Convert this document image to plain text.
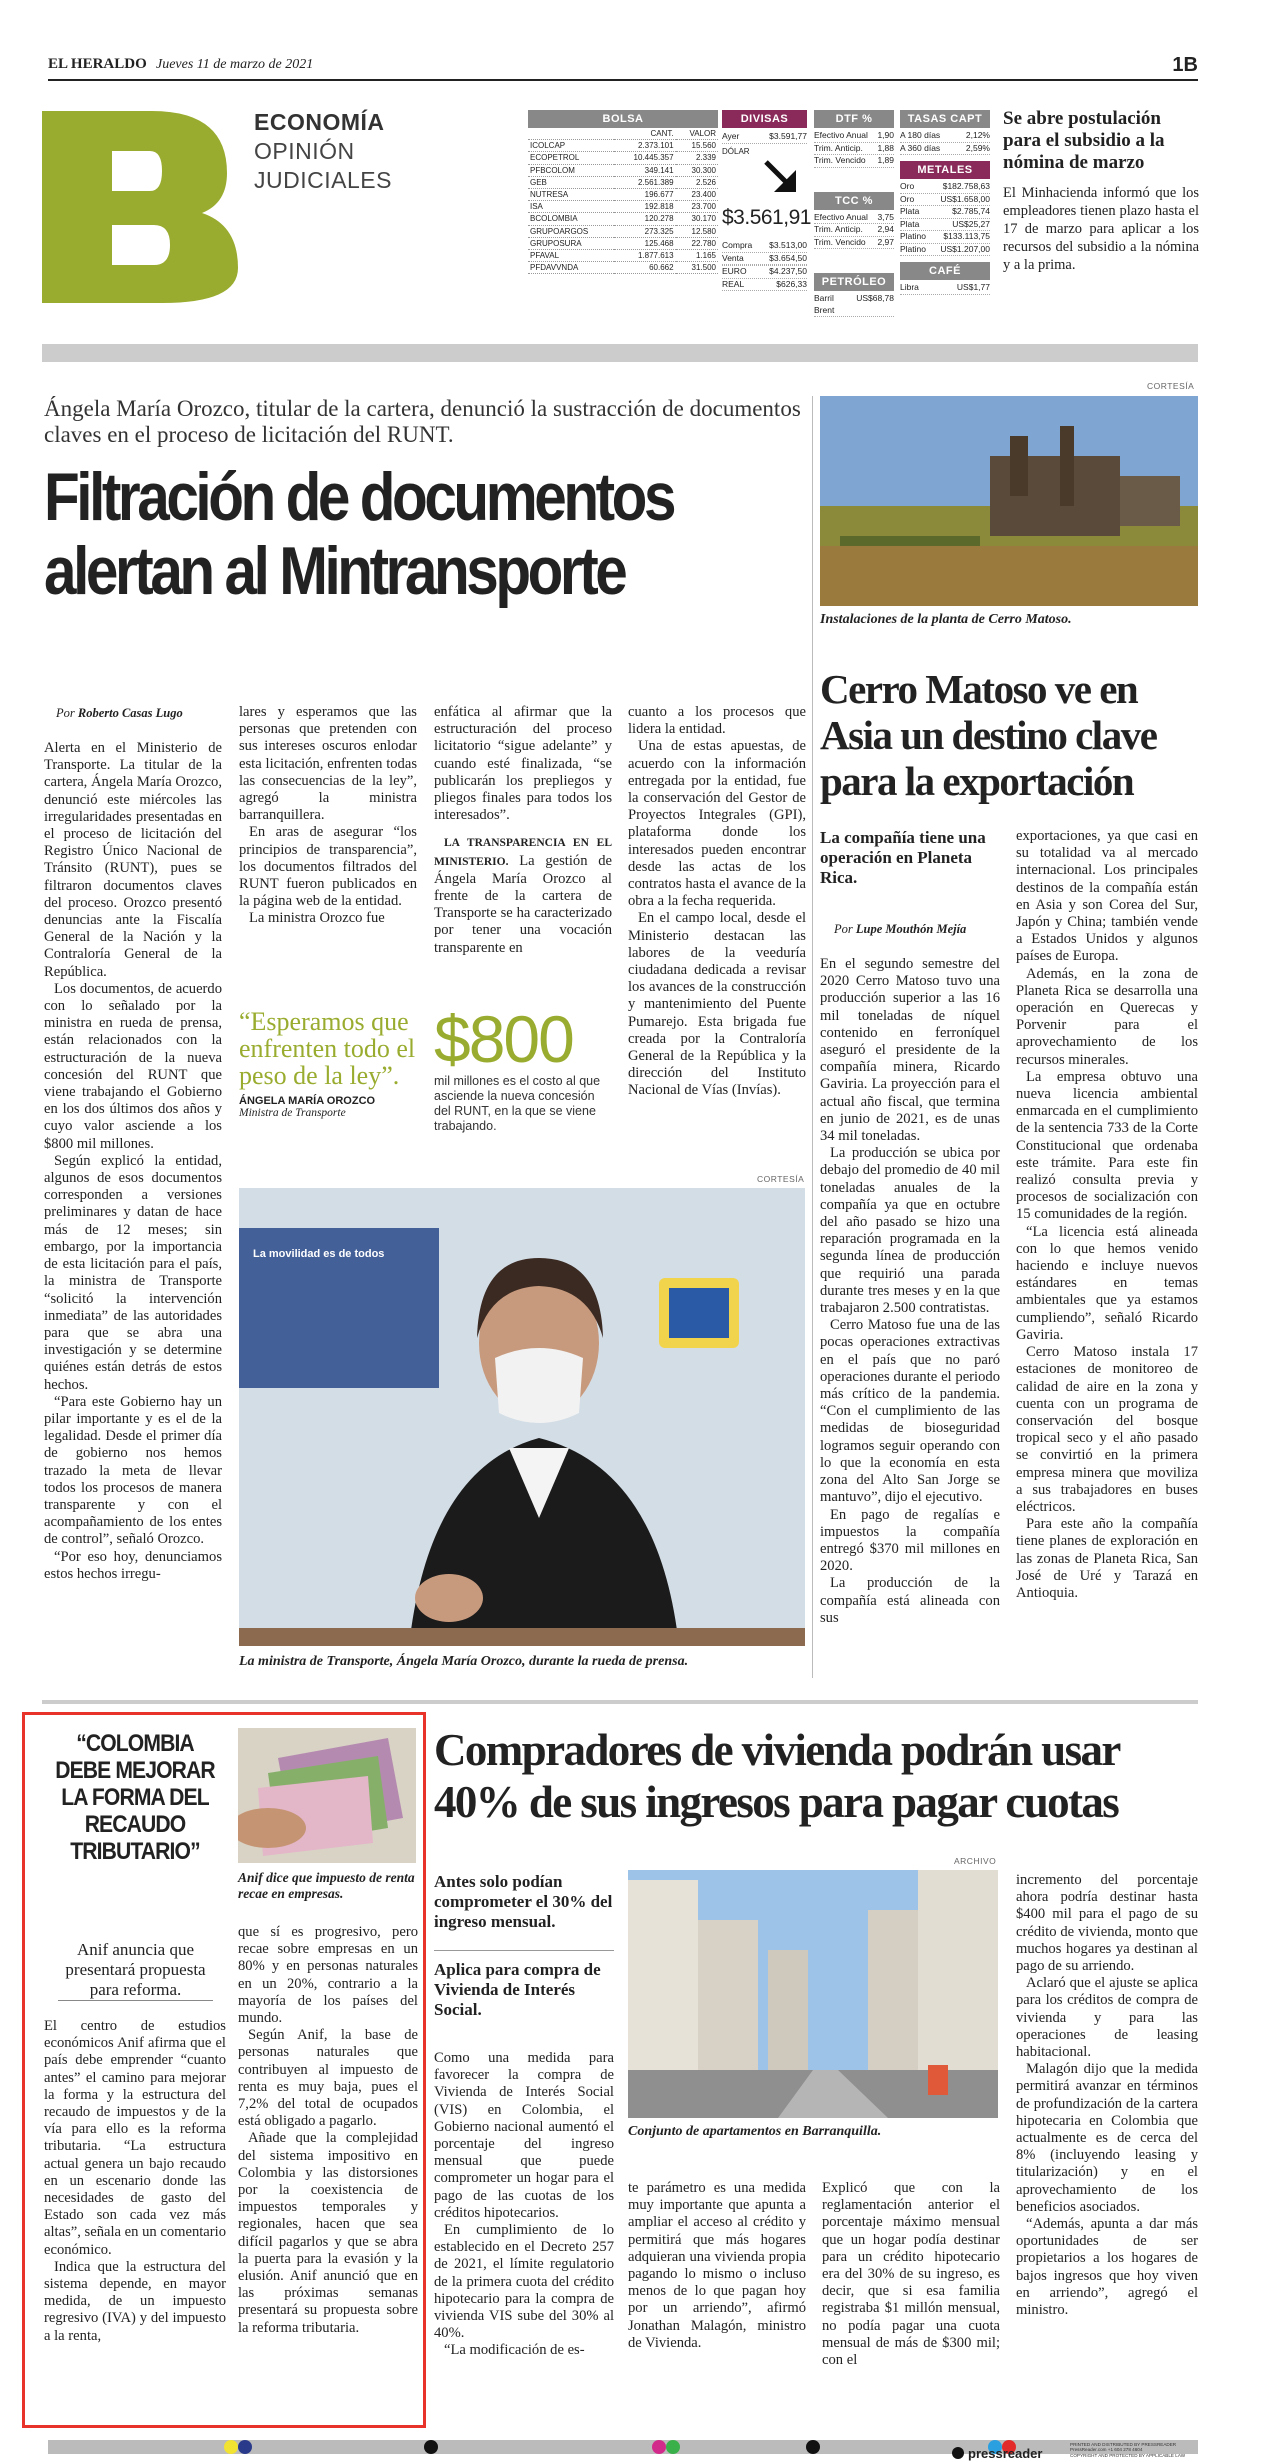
EL HERALDO Jueves 11 de marzo de 2021	1B
ECONOMÍA
OPINIÓN
JUDICIALES
BOLSA
	CANT.	VALOR
ICOLCAP	2.373.101	15.560
ECOPETROL	10.445.357	2.339
PFBCOLOM	349.141	30.300
GEB	2.561.389	2.526
NUTRESA	196.677	23.400
ISA	192.818	23.700
BCOLOMBIA	120.278	30.170
GRUPOARGOS	273.325	12.580
GRUPOSURA	125.468	22.780
PFAVAL	1.877.613	1.165
PFDAVVNDA	60.662	31.500
DIVISAS
Ayer	$3.591,77
DÓLAR
$3.561,91
Compra $3.513,00
Venta	$3.654,50
EURO	$4.237,50
REAL	$626,33
DTF %
Efectivo Anual 1,90
Trim. Anticip. 1,88
Trim. Vencido 1,89
TCC %
Efectivo Anual 3,75
Trim. Anticip. 2,94
Trim. Vencido 2,97
PETRÓLEO
Barril Brent
US$68,78
TASAS CAPT
A 180 días	2,12%
A 360 días	2,59%
METALES
Oro	$182.758,63
Oro	US$1.658,00
Plata	$2.785,74
Plata	US$25,27
Platino $133.113,75
Platino US$1.207,00
CAFÉ
Libra	US$1,77
Se abre postulación para el subsidio a la nómina de marzo
El Minhacienda informó que los empleadores tienen plazo hasta el 17 de marzo para aplicar a los recursos del subsidio a la nómina y a la prima.
Ángela María Orozco, titular de la cartera, denunció la sustracción de documentos claves en el proceso de licitación del RUNT.
Filtración de documentos
alertan al Mintransporte
Por Roberto Casas Lugo

Alerta en el Ministerio de Transporte. La titular de la cartera, Ángela María Orozco, denunció este miércoles las irregularidades presentadas en el proceso de licitación del Registro Único Nacional de Tránsito (RUNT), pues se filtraron documentos claves del proceso. Orozco presentó denuncias ante la Fiscalía General de la Nación y la Contraloría General de la República.

Los documentos, de acuerdo con lo señalado por la ministra en rueda de prensa, están relacionados con la estructuración de la nueva concesión del RUNT que viene trabajando el Gobierno en los dos últimos dos años y cuyo valor asciende a los $800 mil millones.

Según explicó la entidad, algunos de esos documentos corresponden a versiones preliminares y datan de hace más de 12 meses; sin embargo, por la importancia de esta licitación para el país, la ministra de Transporte “solicitó la intervención inmediata” de las autoridades para que se abra una investigación y se determine quiénes están detrás de estos hechos.

“Para este Gobierno hay un pilar importante y es el de la legalidad. Desde el primer día de gobierno nos hemos trazado la meta de llevar todos los procesos de manera transparente y con el acompañamiento de los entes de control”, señaló Orozco.

“Por eso hoy, denunciamos estos hechos irregu-

lares y esperamos que las personas que pretenden con sus intereses oscuros enlodar esta licitación, enfrenten todas las consecuencias de la ley”, agregó la ministra barranquillera.

En aras de asegurar “los principios de transparencia”, los documentos filtrados del RUNT fueron publicados en la página web de la entidad.

La ministra Orozco fue

enfática al afirmar que la estructuración del proceso licitatorio “sigue adelante” y cuando esté finalizada, “se publicarán los prepliegos y pliegos finales para todos los interesados”.

LA TRANSPARENCIA EN EL MINISTERIO. La gestión de Ángela María Orozco al frente de la cartera de Transporte se ha caracterizado por tener una vocación transparente en

cuanto a los procesos que lidera la entidad.

Una de estas apuestas, de acuerdo con la información entregada por la entidad, fue la conservación del Gestor de Proyectos Integrales (GPI), plataforma donde los interesados pueden encontrar desde las actas de los contratos hasta el avance de la obra a la fecha requerida.

En el campo local, desde el Ministerio destacan las labores de la veeduría ciudadana dedicada a revisar los avances de la construcción y mantenimiento del Puente Pumarejo. Esta brigada fue creada por la Contraloría General de la República y la dirección del Instituto Nacional de Vías (Invías).

“Esperamos que enfrenten todo el peso de la ley”.
ÁNGELA MARÍA OROZCO
Ministra de Transporte
$800
mil millones es el costo al que asciende la nueva concesión del RUNT, en la que se viene trabajando.
CORTESÍA
La movilidad es de todos
La ministra de Transporte, Ángela María Orozco, durante la rueda de prensa.
CORTESÍA
Instalaciones de la planta de Cerro Matoso.
Cerro Matoso ve en Asia un destino clave para la exportación
La compañía tiene una operación en Planeta Rica.
Por Lupe Mouthón Mejía

En el segundo semestre del 2020 Cerro Matoso tuvo una producción superior a las 16 mil toneladas de níquel contenido en ferroníquel aseguró el presidente de la compañía minera, Ricardo Gaviria. La proyección para el actual año fiscal, que termina en junio de 2021, es de unas 34 mil toneladas.

La producción se ubica por debajo del promedio de 40 mil toneladas anuales de la compañía ya que en octubre del año pasado se hizo una reparación programada en la segunda línea de producción que requirió una parada durante tres meses y en la que trabajaron 2.500 contratistas.

Cerro Matoso fue una de las pocas operaciones extractivas en el país que no paró operaciones durante el periodo más crítico de la pandemia. “Con el cumplimiento de las medidas de bioseguridad logramos seguir operando con lo que la economía en esta zona del Alto San Jorge se mantuvo”, dijo el ejecutivo.

En pago de regalías e impuestos la compañía entregó $370 mil millones en 2020.

La producción de la compañía está alineada con sus

exportaciones, ya que casi en su totalidad va al mercado internacional. Los principales destinos de la compañía están en Asia y son Corea del Sur, Japón y China; también vende a Estados Unidos y algunos países de Europa.

Además, en la zona de Planeta Rica se desarrolla una operación en Querecas y Porvenir para el aprovechamiento de los recursos minerales.

La empresa obtuvo una nueva licencia ambiental enmarcada en el cumplimiento de la sentencia 733 de la Corte Constitucional que ordenaba este trámite. Para este fin realizó consulta previa y procesos de socialización con 15 comunidades de la región.

“La licencia está alineada con lo que hemos venido haciendo e incluye nuevos estándares en temas ambientales que ya estamos cumpliendo”, señaló Ricardo Gaviria.

Cerro Matoso instala 17 estaciones de monitoreo de calidad de aire en la zona y cuenta con un programa de conservación del bosque tropical seco y el año pasado se convirtió en la primera empresa minera que moviliza a sus trabajadores en buses eléctricos.

Para este año la compañía tiene planes de exploración en las zonas de Planeta Rica, San José de Uré y Tarazá en Antioquia.

“COLOMBIA DEBE MEJORAR LA FORMA DEL RECAUDO TRIBUTARIO”
Anif anuncia que presentará propuesta para reforma.
Anif dice que impuesto de renta recae en empresas.

El centro de estudios económicos Anif afirma que el país debe emprender “cuanto antes” el camino para mejorar la forma y la estructura del recaudo de impuestos y de la vía para ello es la reforma tributaria. “La estructura actual genera un bajo recaudo en un escenario donde las necesidades de gasto del Estado son cada vez más altas”, señala en un comentario económico.

Indica que la estructura del sistema depende, en mayor medida, de un impuesto regresivo (IVA) y del impuesto a la renta,

que sí es progresivo, pero recae sobre empresas en un 80% y en personas naturales en un 20%, contrario a la mayoría de los países del mundo.

Según Anif, la base de personas naturales que contribuyen al impuesto de renta es muy baja, pues el 7,2% del total de ocupados está obligado a pagarlo.

Añade que la complejidad del sistema impositivo en Colombia y las distorsiones por la coexistencia de impuestos temporales y regionales, hacen que sea difícil pagarlos y que se abra la puerta para la evasión y la elusión. Anif anunció que en las próximas semanas presentará su propuesta sobre la reforma tributaria.

Compradores de vivienda podrán usar 40% de sus ingresos para pagar cuotas
Antes solo podían comprometer el 30% del ingreso mensual.
Aplica para compra de Vivienda de Interés Social.

Como una medida para favorecer la compra de Vivienda de Interés Social (VIS) en Colombia, el Gobierno nacional aumentó el porcentaje del ingreso mensual que puede comprometer un hogar para el pago de las cuotas de los créditos hipotecarios.

En cumplimiento de lo establecido en el Decreto 257 de 2021, el límite regulatorio de la primera cuota del crédito hipotecario para la compra de vivienda VIS sube del 30% al 40%.

“La modificación de es-

ARCHIVO
Conjunto de apartamentos en Barranquilla.

te parámetro es una medida muy importante que apunta a ampliar el acceso al crédito y permitirá que más hogares adquieran una vivienda propia pagando lo mismo o incluso menos de lo que pagan hoy por un arriendo”, afirmó Jonathan Malagón, ministro de Vivienda.

Explicó que con la reglamentación anterior el porcentaje máximo mensual que un hogar podía destinar para un crédito hipotecario era del 30% de su ingreso, es decir, que si esa familia registraba $1 millón mensual, no podía pagar una cuota mensual de más de $300 mil; con el

incremento del porcentaje ahora podría destinar hasta $400 mil para el pago de su crédito de vivienda, monto que muchos hogares ya destinan al pago de su arriendo.

Aclaró que el ajuste se aplica para los créditos de compra de vivienda y para las operaciones de leasing habitacional.

Malagón dijo que la medida permitirá avanzar en términos de profundización de la cartera hipotecaria en Colombia que actualmente es de cerca del 8% (incluyendo leasing y titularización) y en el aprovechamiento de los beneficios asociados.

“Además, apunta a dar más oportunidades de ser propietarios a los hogares de bajos ingresos que hoy viven en arriendo”, agregó el ministro.

pressreader
PRINTED AND DISTRIBUTED BY PRESSREADER
PressReader.com +1 604 278 4604
COPYRIGHT AND PROTECTED BY APPLICABLE LAW
